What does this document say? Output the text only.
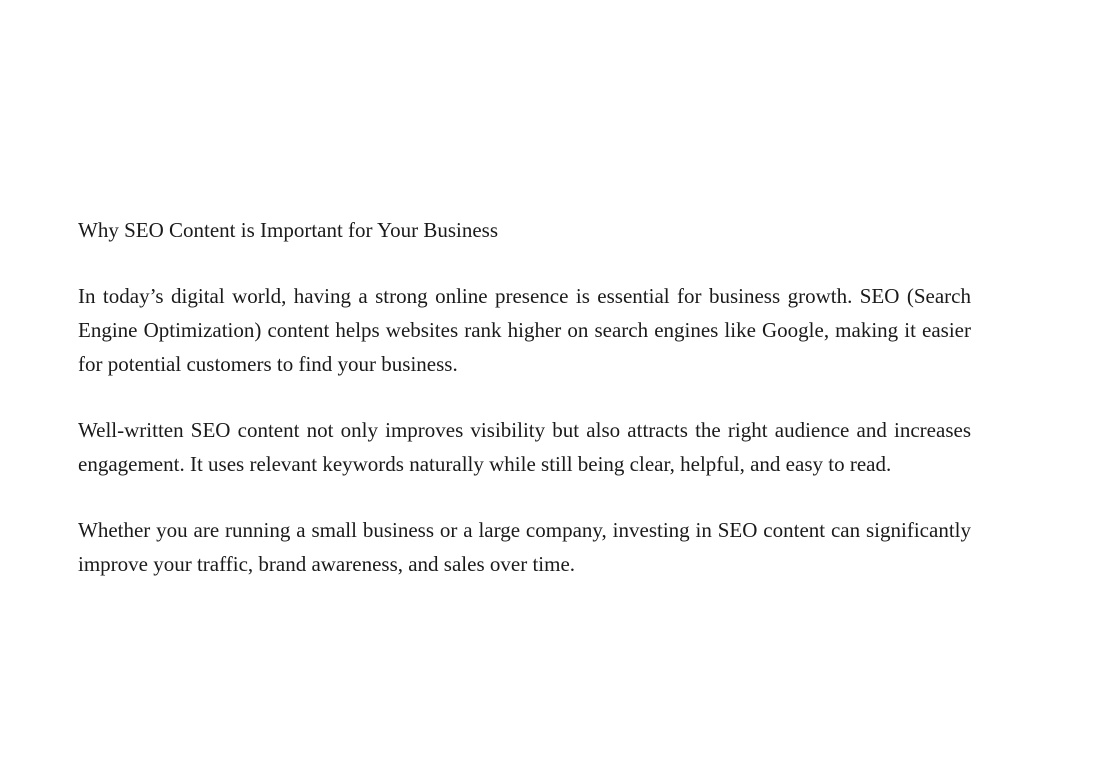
Why SEO Content is Important for Your Business

In today’s digital world, having a strong online presence is essential for business growth. SEO (Search Engine Optimization) content helps websites rank higher on search engines like Google, making it easier for potential customers to find your business.

Well-written SEO content not only improves visibility but also attracts the right audience and increases engagement. It uses relevant keywords naturally while still being clear, helpful, and easy to read.

Whether you are running a small business or a large company, investing in SEO content can significantly improve your traffic, brand awareness, and sales over time.
